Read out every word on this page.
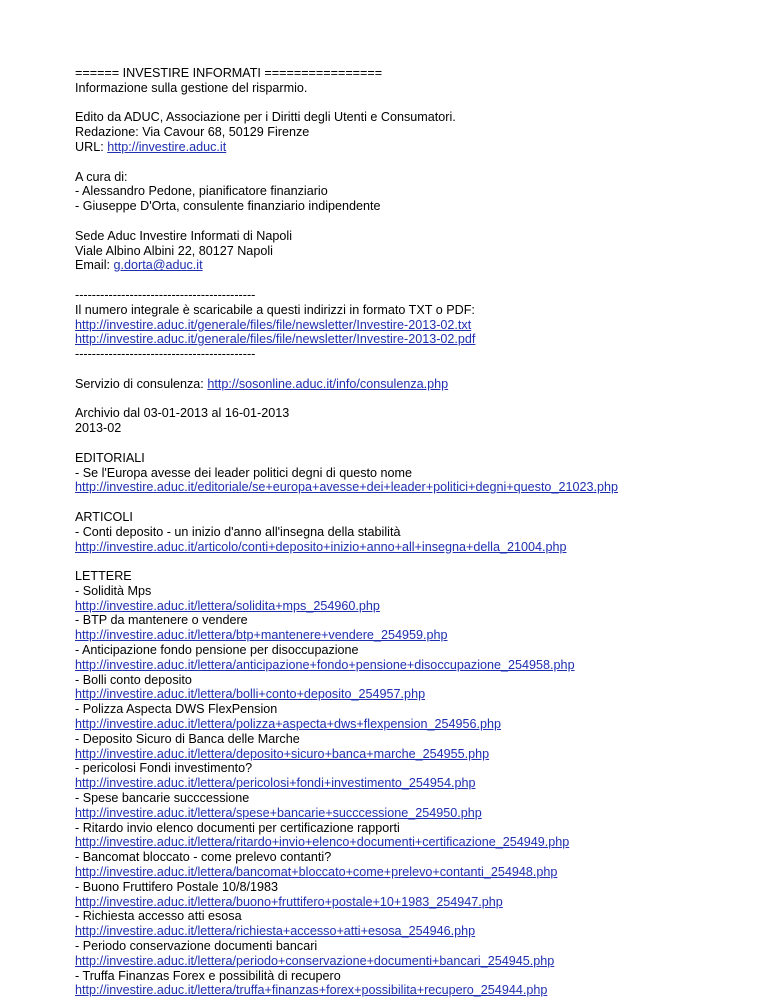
====== INVESTIRE INFORMATI ================
Informazione sulla gestione del risparmio.
Edito da ADUC, Associazione per i Diritti degli Utenti e Consumatori.
Redazione: Via Cavour 68, 50129 Firenze
URL: http://investire.aduc.it
A cura di:
- Alessandro Pedone, pianificatore finanziario
- Giuseppe D'Orta, consulente finanziario indipendente
Sede Aduc Investire Informati di Napoli
Viale Albino Albini 22, 80127 Napoli
Email: g.dorta@aduc.it
-------------------------------------------
Il numero integrale è scaricabile a questi indirizzi in formato TXT o PDF:
http://investire.aduc.it/generale/files/file/newsletter/Investire-2013-02.txt
http://investire.aduc.it/generale/files/file/newsletter/Investire-2013-02.pdf
-------------------------------------------
Servizio di consulenza: http://sosonline.aduc.it/info/consulenza.php
Archivio dal 03-01-2013 al 16-01-2013
2013-02
EDITORIALI
- Se l'Europa avesse dei leader politici degni di questo nome
http://investire.aduc.it/editoriale/se+europa+avesse+dei+leader+politici+degni+questo_21023.php
ARTICOLI
- Conti deposito - un inizio d'anno all'insegna della stabilità
http://investire.aduc.it/articolo/conti+deposito+inizio+anno+all+insegna+della_21004.php
LETTERE
- Solidità Mps
http://investire.aduc.it/lettera/solidita+mps_254960.php
- BTP da mantenere o vendere
http://investire.aduc.it/lettera/btp+mantenere+vendere_254959.php
- Anticipazione fondo pensione per disoccupazione
http://investire.aduc.it/lettera/anticipazione+fondo+pensione+disoccupazione_254958.php
- Bolli conto deposito
http://investire.aduc.it/lettera/bolli+conto+deposito_254957.php
- Polizza Aspecta DWS FlexPension
http://investire.aduc.it/lettera/polizza+aspecta+dws+flexpension_254956.php
- Deposito Sicuro di Banca delle Marche
http://investire.aduc.it/lettera/deposito+sicuro+banca+marche_254955.php
- pericolosi Fondi investimento?
http://investire.aduc.it/lettera/pericolosi+fondi+investimento_254954.php
- Spese bancarie succcessione
http://investire.aduc.it/lettera/spese+bancarie+succcessione_254950.php
- Ritardo invio elenco documenti per certificazione rapporti
http://investire.aduc.it/lettera/ritardo+invio+elenco+documenti+certificazione_254949.php
- Bancomat bloccato - come prelevo contanti?
http://investire.aduc.it/lettera/bancomat+bloccato+come+prelevo+contanti_254948.php
- Buono Fruttifero Postale 10/8/1983
http://investire.aduc.it/lettera/buono+fruttifero+postale+10+1983_254947.php
- Richiesta accesso atti esosa
http://investire.aduc.it/lettera/richiesta+accesso+atti+esosa_254946.php
- Periodo conservazione documenti bancari
http://investire.aduc.it/lettera/periodo+conservazione+documenti+bancari_254945.php
- Truffa Finanzas Forex e possibilità di recupero
http://investire.aduc.it/lettera/truffa+finanzas+forex+possibilita+recupero_254944.php
